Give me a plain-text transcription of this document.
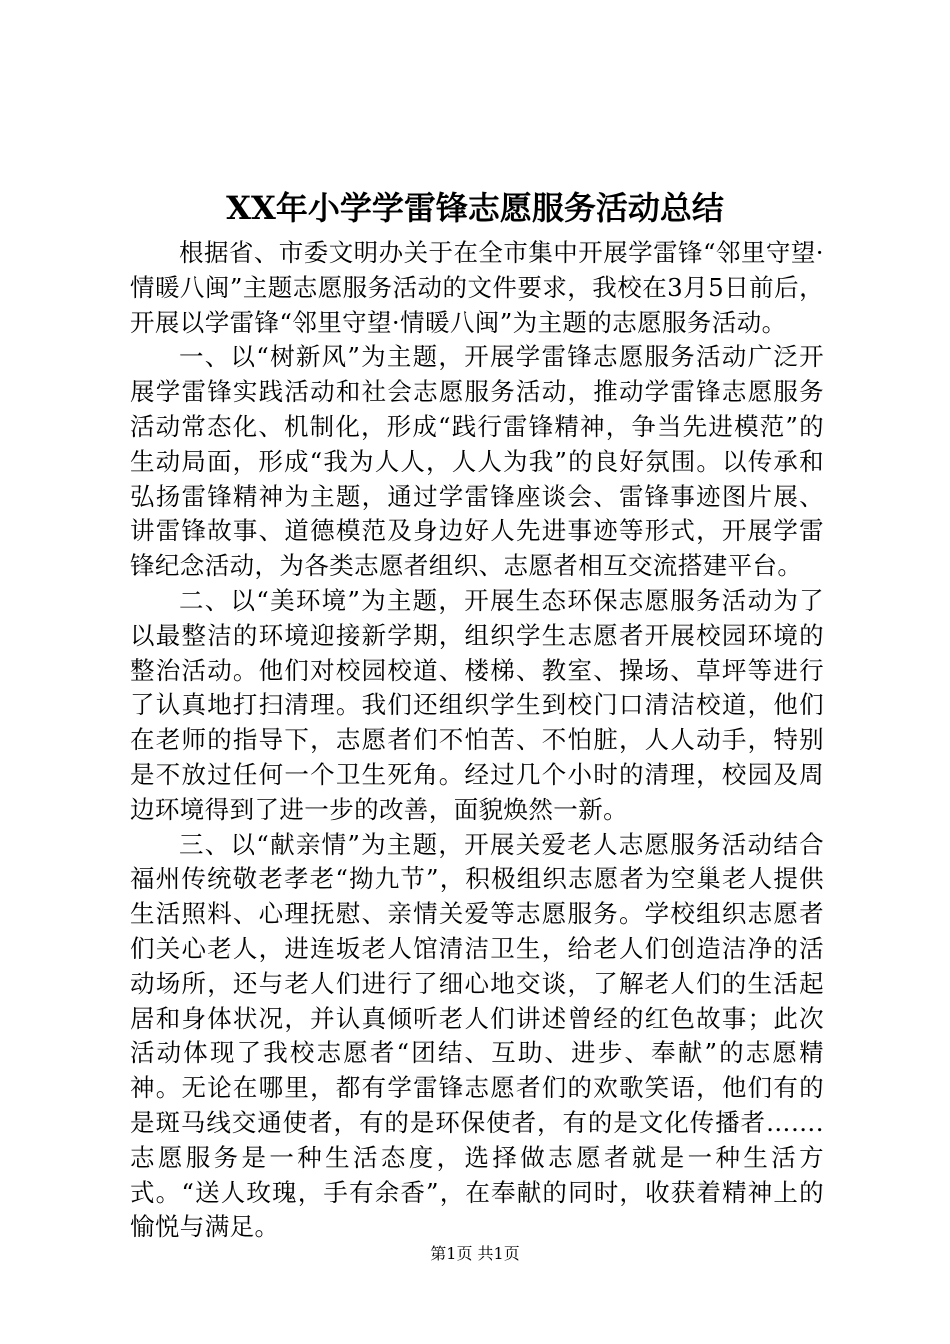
XX年小学学雷锋志愿服务活动总结

根据省、市委文明办关于在全市集中开展学雷锋“邻里守望·情暖八闽”主题志愿服务活动的文件要求，我校在3月5日前后，开展以学雷锋“邻里守望·情暖八闽”为主题的志愿服务活动。

一、以“树新风”为主题，开展学雷锋志愿服务活动广泛开展学雷锋实践活动和社会志愿服务活动，推动学雷锋志愿服务活动常态化、机制化，形成“践行雷锋精神，争当先进模范”的生动局面，形成“我为人人，人人为我”的良好氛围。以传承和弘扬雷锋精神为主题，通过学雷锋座谈会、雷锋事迹图片展、讲雷锋故事、道德模范及身边好人先进事迹等形式，开展学雷锋纪念活动，为各类志愿者组织、志愿者相互交流搭建平台。

二、以“美环境”为主题，开展生态环保志愿服务活动为了以最整洁的环境迎接新学期，组织学生志愿者开展校园环境的整治活动。他们对校园校道、楼梯、教室、操场、草坪等进行了认真地打扫清理。我们还组织学生到校门口清洁校道，他们在老师的指导下，志愿者们不怕苦、不怕脏，人人动手，特别是不放过任何一个卫生死角。经过几个小时的清理，校园及周边环境得到了进一步的改善，面貌焕然一新。

三、以“献亲情”为主题，开展关爱老人志愿服务活动结合福州传统敬老孝老“拗九节”，积极组织志愿者为空巢老人提供生活照料、心理抚慰、亲情关爱等志愿服务。学校组织志愿者们关心老人，进连坂老人馆清洁卫生，给老人们创造洁净的活动场所，还与老人们进行了细心地交谈，了解老人们的生活起居和身体状况，并认真倾听老人们讲述曾经的红色故事；此次活动体现了我校志愿者“团结、互助、进步、奉献”的志愿精神。无论在哪里，都有学雷锋志愿者们的欢歌笑语，他们有的是斑马线交通使者，有的是环保使者，有的是文化传播者…….志愿服务是一种生活态度，选择做志愿者就是一种生活方式。“送人玫瑰，手有余香”，在奉献的同时，收获着精神上的愉悦与满足。

第1页 共1页
